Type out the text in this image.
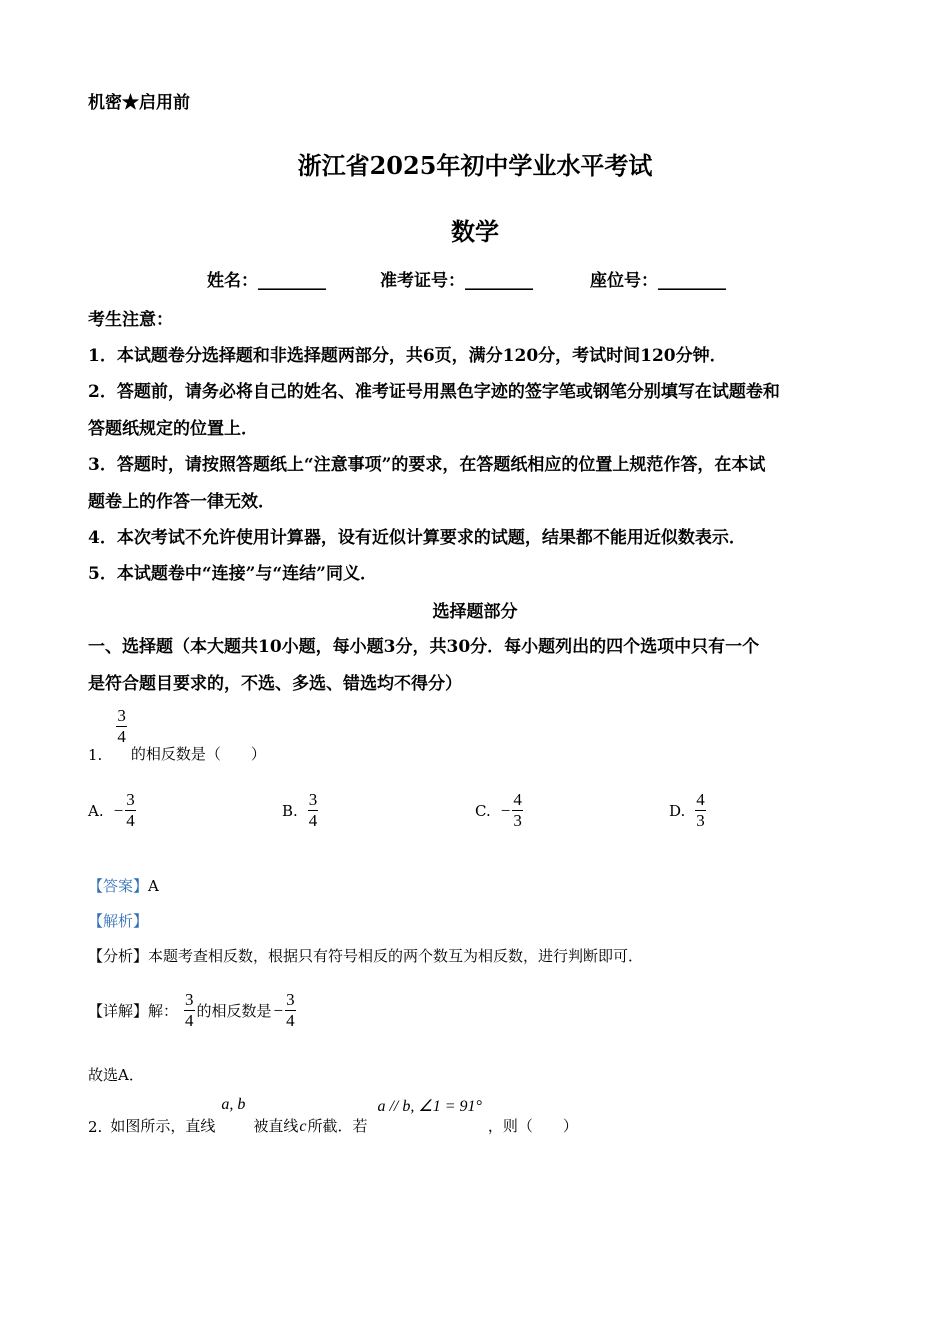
机密★启用前
浙江省2025年初中学业水平考试
数学
姓名：________	准考证号：________	座位号：________
考生注意：
1．本试题卷分选择题和非选择题两部分，共6页，满分120分，考试时间120分钟．
2．答题前，请务必将自己的姓名、准考证号用黑色字迹的签字笔或钢笔分别填写在试题卷和
答题纸规定的位置上．
3．答题时，请按照答题纸上“注意事项”的要求，在答题纸相应的位置上规范作答，在本试
题卷上的作答一律无效．
4．本次考试不允许使用计算器，设有近似计算要求的试题，结果都不能用近似数表示．
5．本试题卷中“连接”与“连结”同义．
选择题部分
一、选择题（本大题共10小题，每小题3分，共30分．每小题列出的四个选项中只有一个
是符合题目要求的，不选、多选、错选均不得分）
1.
$\frac{3}{4}$
的相反数是（　　）
A. − $\frac{3}{4}$	B. $\frac{3}{4}$	C. − $\frac{4}{3}$	D. $\frac{4}{3}$
【答案】A
【解析】
【分析】本题考查相反数，根据只有符号相反的两个数互为相反数，进行判断即可．
【详解】解： $\frac{3}{4}$ 的相反数是 − $\frac{3}{4}$
故选A．
2. 如图所示，直线
a, b
被直线 c 所截．若
a // b, ∠1 = 91°
，则（　　）
